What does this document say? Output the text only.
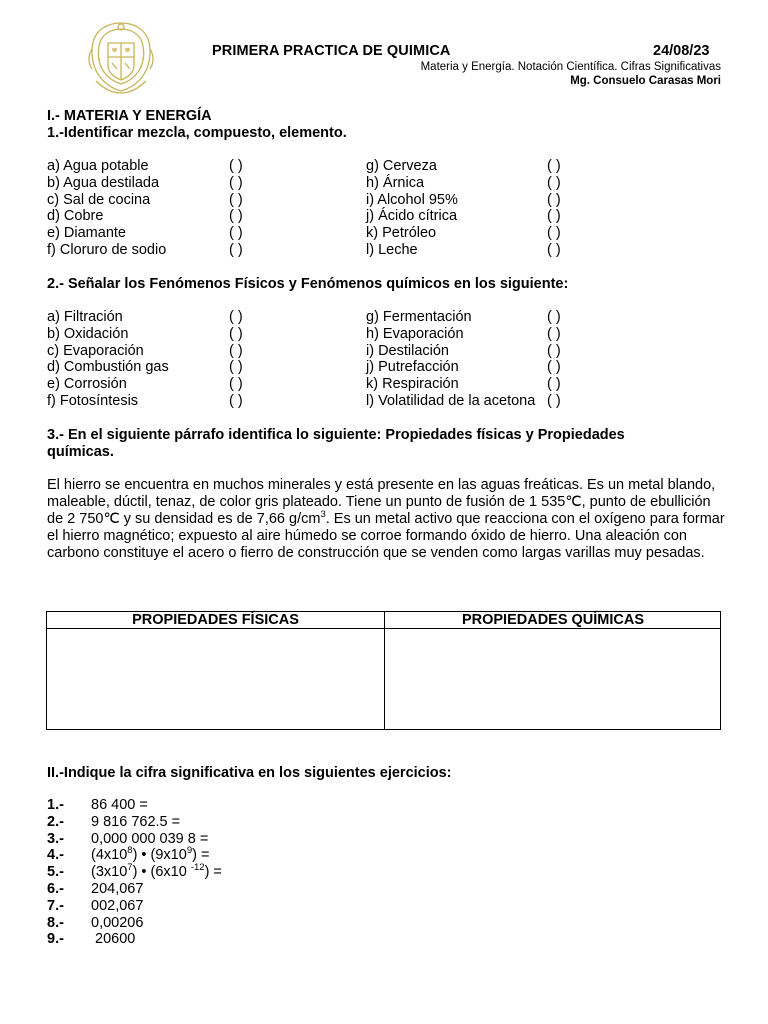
PRIMERA PRACTICA DE QUIMICA	24/08/23
Materia y Energía. Notación Científica. Cifras Significativas
Mg. Consuelo Carasas Mori
I.- MATERIA Y ENERGÍA
1.-Identificar mezcla, compuesto, elemento.
a) Agua potable	( )	g) Cerveza	( )
b) Agua destilada	( )	h) Árnica	( )
c) Sal de cocina	( )	i) Alcohol 95%	( )
d) Cobre	( )	j) Ácido cítrica	( )
e) Diamante	( )	k) Petróleo	( )
f) Cloruro de sodio	( )	l) Leche	( )
2.- Señalar los Fenómenos Físicos y Fenómenos químicos en los siguiente:
a) Filtración	( )	g) Fermentación	( )
b) Oxidación	( )	h) Evaporación	( )
c) Evaporación	( )	i) Destilación	( )
d) Combustión gas	( )	j) Putrefacción	( )
e) Corrosión	( )	k) Respiración	( )
f) Fotosíntesis	( )	l) Volatilidad de la acetona ( )
3.- En el siguiente párrafo identifica lo siguiente: Propiedades físicas y Propiedades
químicas.
El hierro se encuentra en muchos minerales y está presente en las aguas freáticas. Es un metal blando, maleable, dúctil, tenaz, de color gris plateado. Tiene un punto de fusión de 1 535℃, punto de ebullición de 2 750℃ y su densidad es de 7,66 $g/cm^3$. Es un metal activo que reacciona con el oxígeno para formar el hierro magnético; expuesto al aire húmedo se corroe formando óxido de hierro. Una aleación con carbono constituye el acero o fierro de construcción que se venden como largas varillas muy pesadas.
PROPIEDADES FÍSICAS	PROPIEDADES QUÍMICAS
II.-Indique la cifra significativa en los siguientes ejercicios:
1.- 86 400 =
2.- 9 816 762.5 =
3.- 0,000 000 039 8 =
4.- $(4x10^8)$ • $(9x10^9)$ =
5.- $(3x10^7)$ • (6x10 $^{-12}$) =
6.- 204,067
7.- 002,067
8.- 0,00206
9.- 20600
